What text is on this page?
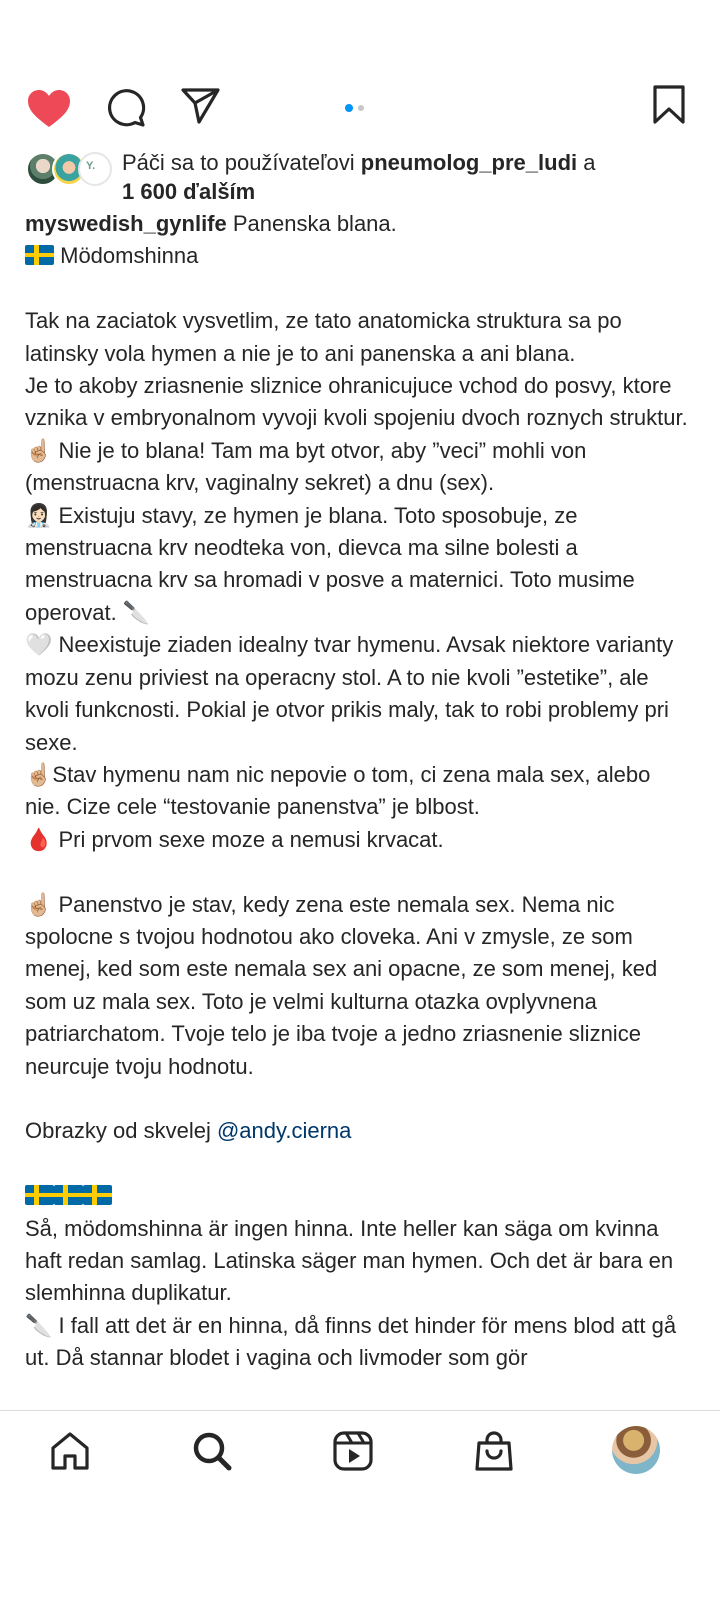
Y. Páči sa to používateľovi pneumolog_pre_ludi a
1 600 ďalším
myswedish_gynlife Panenska blana.
Mödomshinna

Tak na zaciatok vysvetlim, ze tato anatomicka struktura sa po latinsky vola hymen a nie je to ani panenska a ani blana.
Je to akoby zriasnenie sliznice ohranicujuce vchod do posvy, ktore vznika v embryonalnom vyvoji kvoli spojeniu dvoch roznych struktur.
☝🏼 Nie je to blana! Tam ma byt otvor, aby ”veci” mohli von (menstruacna krv, vaginalny sekret) a dnu (sex).
👩🏻‍⚕️ Existuju stavy, ze hymen je blana. Toto sposobuje, ze menstruacna krv neodteka von, dievca ma silne bolesti a menstruacna krv sa hromadi v posve a maternici. Toto musime operovat. 🔪
🤍 Neexistuje ziaden idealny tvar hymenu. Avsak niektore varianty mozu zenu priviest na operacny stol. A to nie kvoli ”estetike”, ale kvoli funkcnosti. Pokial je otvor prikis maly, tak to robi problemy pri sexe.
☝🏼Stav hymenu nam nic nepovie o tom, ci zena mala sex, alebo nie. Cize cele “testovanie panenstva” je blbost.
🩸 Pri prvom sexe moze a nemusi krvacat.

☝🏼 Panenstvo je stav, kedy zena este nemala sex. Nema nic spolocne s tvojou hodnotou ako cloveka. Ani v zmysle, ze som menej, ked som este nemala sex ani opacne, ze som menej, ked som uz mala sex. Toto je velmi kulturna otazka ovplyvnena patriarchatom. Tvoje telo je iba tvoje a jedno zriasnenie sliznice neurcuje tvoju hodnotu.

Obrazky od skvelej @andy.cierna

Så, mödomshinna är ingen hinna. Inte heller kan säga om kvinna haft redan samlag. Latinska säger man hymen. Och det är bara en slemhinna duplikatur.
🔪 I fall att det är en hinna, då finns det hinder för mens blod att gå ut. Då stannar blodet i vagina och livmoder som gör
